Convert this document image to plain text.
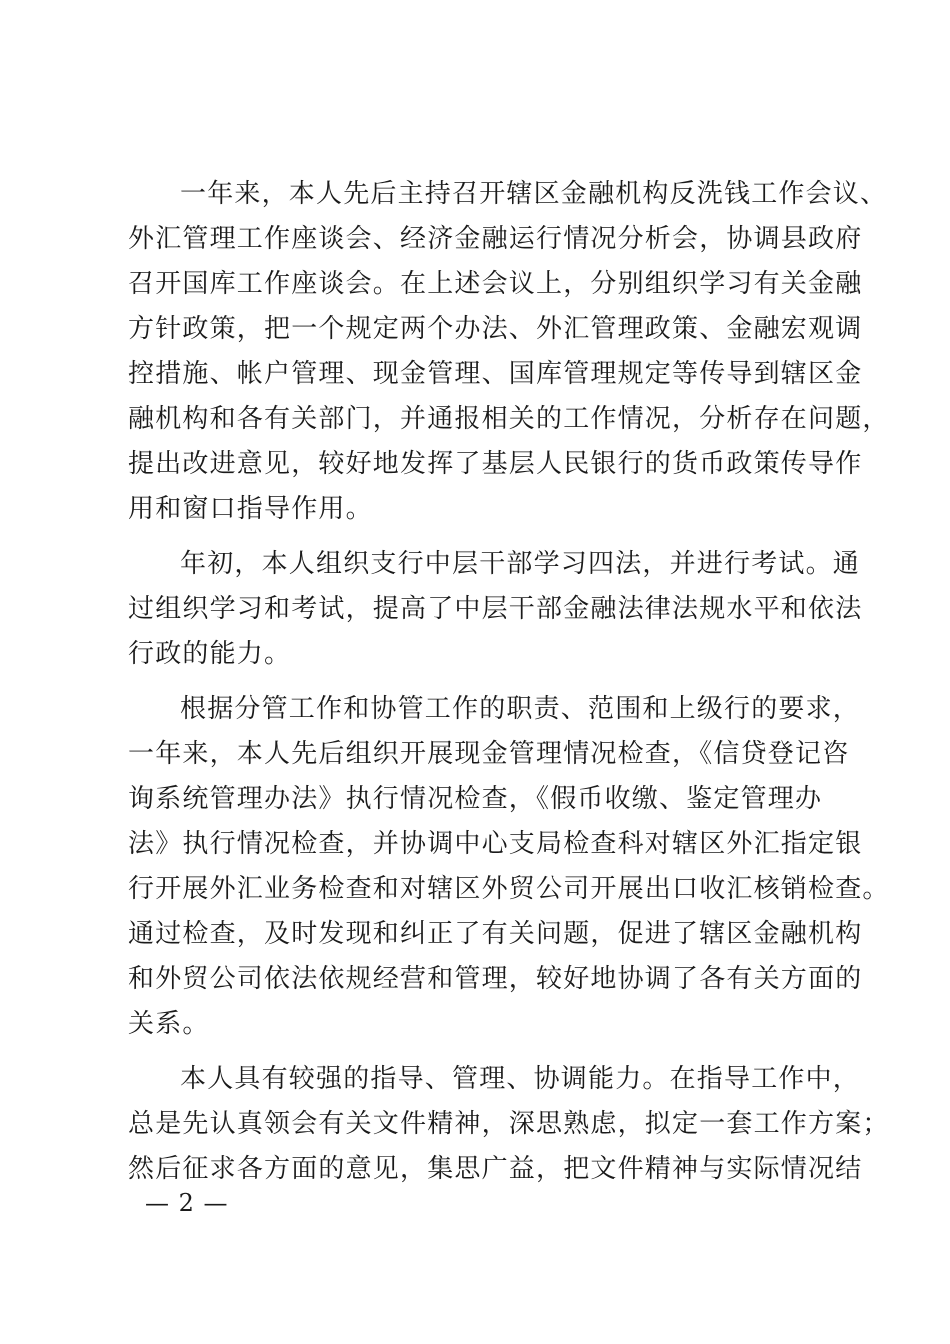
一年来，本人先后主持召开辖区金融机构反洗钱工作会议、
外汇管理工作座谈会、经济金融运行情况分析会，协调县政府
召开国库工作座谈会。在上述会议上，分别组织学习有关金融
方针政策，把一个规定两个办法、外汇管理政策、金融宏观调
控措施、帐户管理、现金管理、国库管理规定等传导到辖区金
融机构和各有关部门，并通报相关的工作情况，分析存在问题，
提出改进意见，较好地发挥了基层人民银行的货币政策传导作
用和窗口指导作用。
年初，本人组织支行中层干部学习四法，并进行考试。通
过组织学习和考试，提高了中层干部金融法律法规水平和依法
行政的能力。
根据分管工作和协管工作的职责、范围和上级行的要求，
一年来，本人先后组织开展现金管理情况检查，《信贷登记咨
询系统管理办法》执行情况检查，《假币收缴、鉴定管理办
法》执行情况检查，并协调中心支局检查科对辖区外汇指定银
行开展外汇业务检查和对辖区外贸公司开展出口收汇核销检查。
通过检查，及时发现和纠正了有关问题，促进了辖区金融机构
和外贸公司依法依规经营和管理，较好地协调了各有关方面的
关系。
本人具有较强的指导、管理、协调能力。在指导工作中，
总是先认真领会有关文件精神，深思熟虑，拟定一套工作方案；
然后征求各方面的意见，集思广益，把文件精神与实际情况结
— 2 —
